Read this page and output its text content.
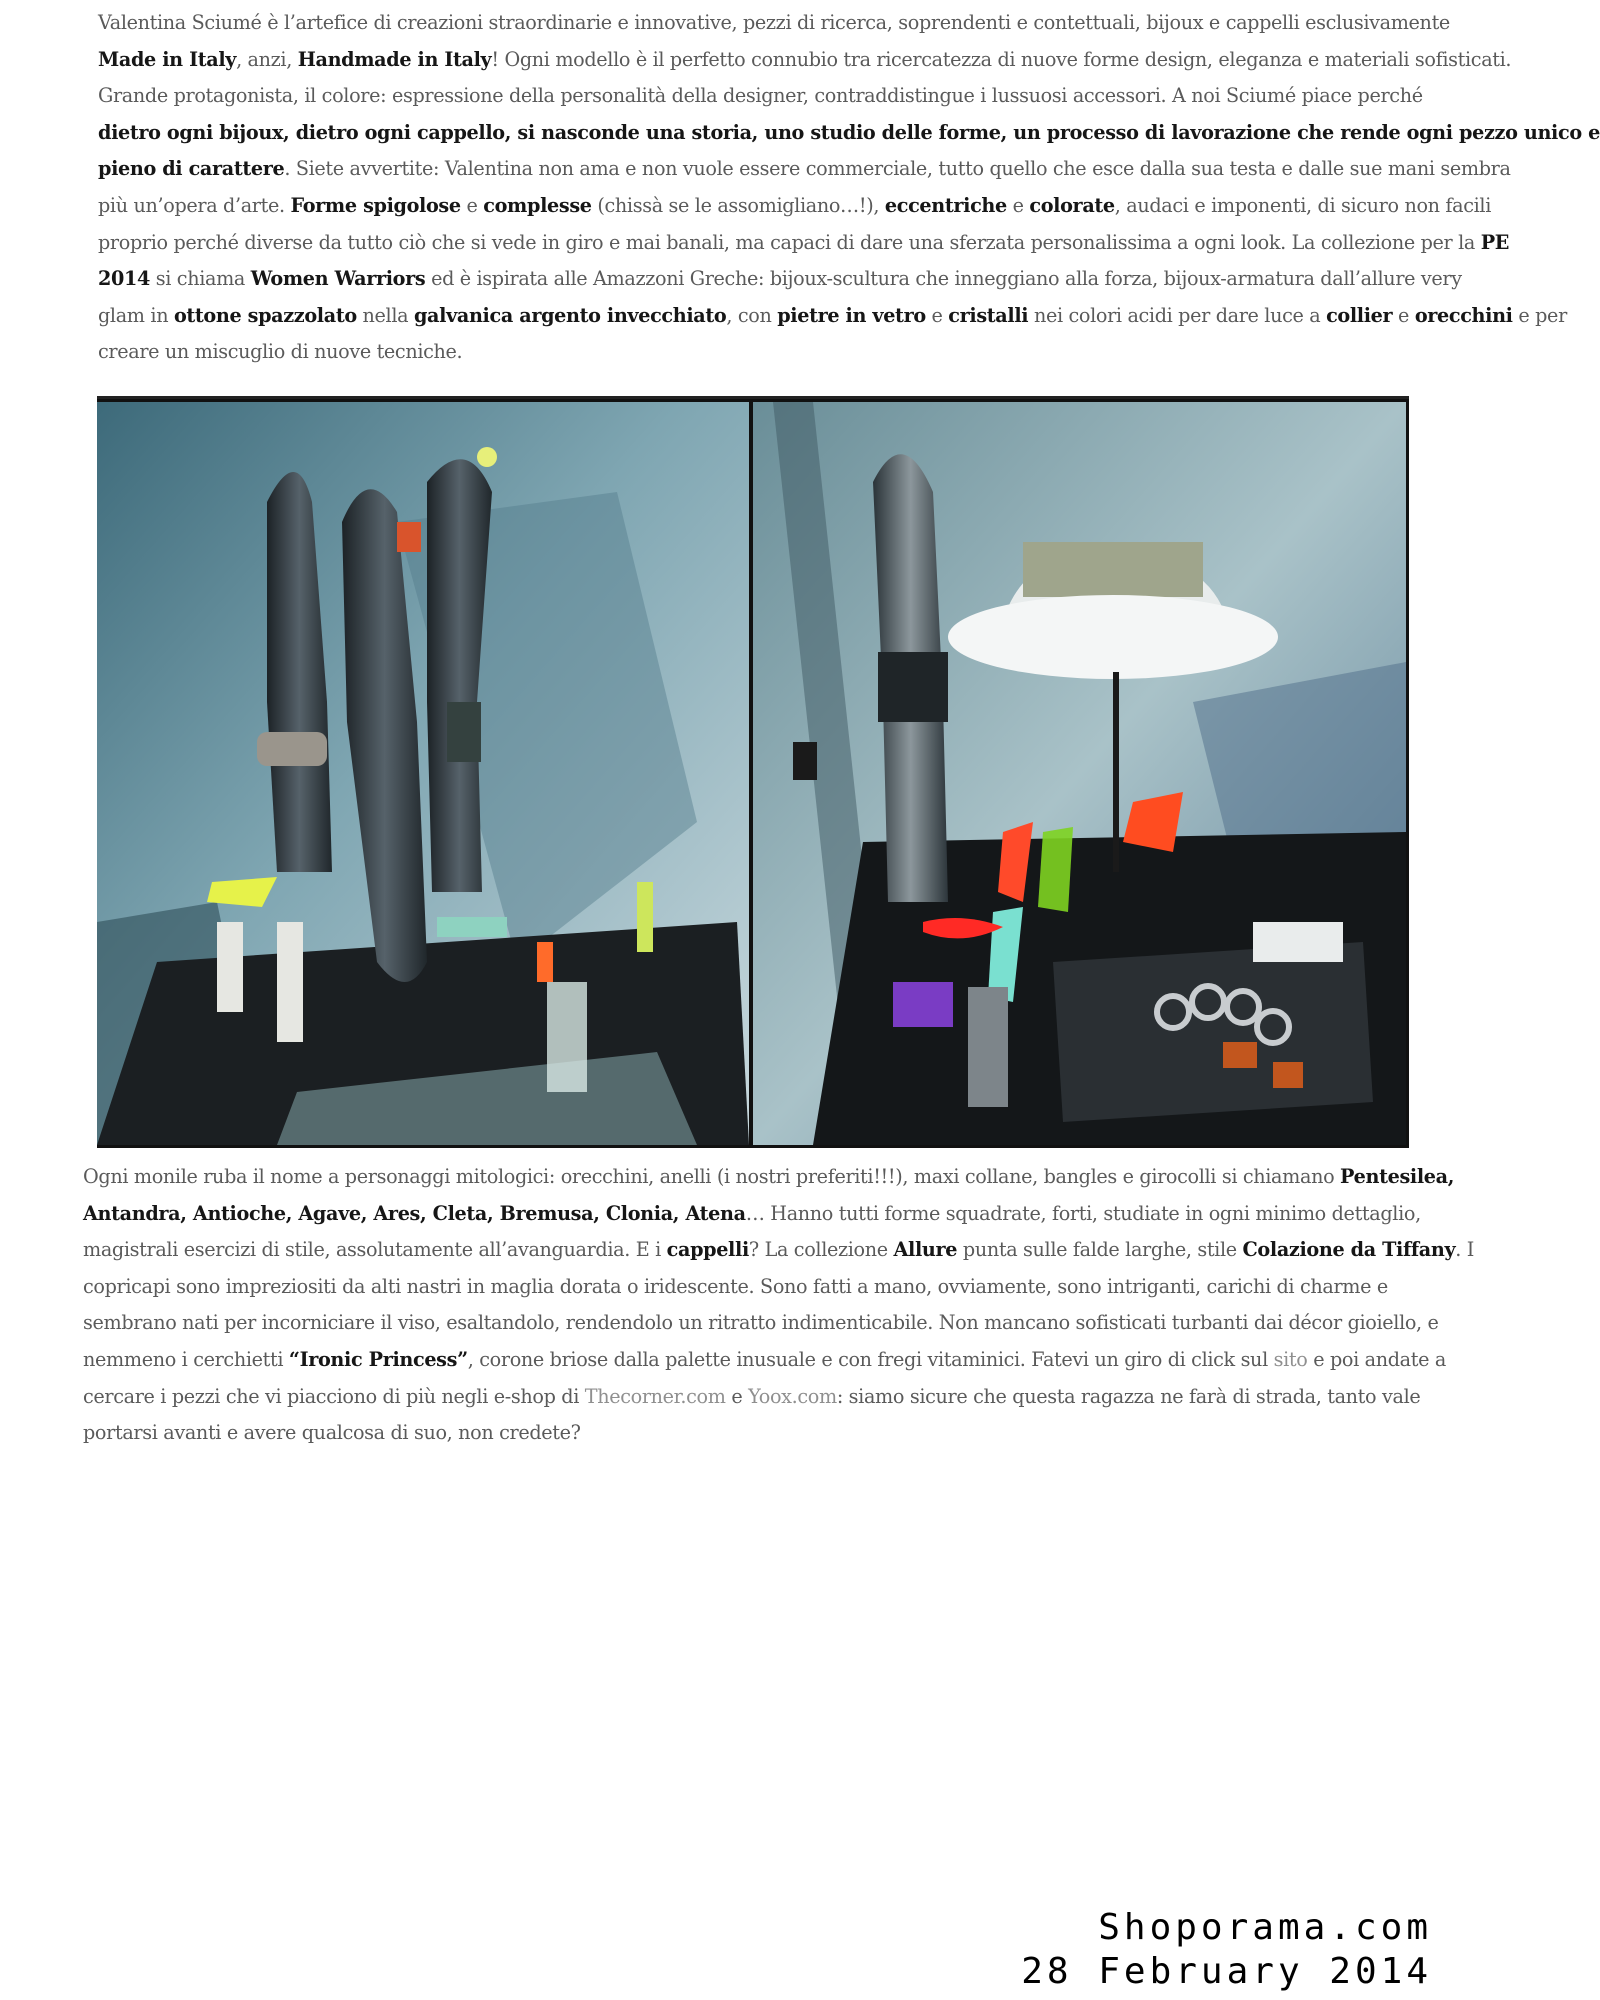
Valentina Sciumé è l’artefice di creazioni straordinarie e innovative, pezzi di ricerca, soprendenti e contettuali, bijoux e cappelli esclusivamente
Made in Italy, anzi, Handmade in Italy! Ogni modello è il perfetto connubio tra ricercatezza di nuove forme design, eleganza e materiali sofisticati.
Grande protagonista, il colore: espressione della personalità della designer, contraddistingue i lussuosi accessori. A noi Sciumé piace perché
dietro ogni bijoux, dietro ogni cappello, si nasconde una storia, uno studio delle forme, un processo di lavorazione che rende ogni pezzo unico e
pieno di carattere. Siete avvertite: Valentina non ama e non vuole essere commerciale, tutto quello che esce dalla sua testa e dalle sue mani sembra
più un’opera d’arte. Forme spigolose e complesse (chissà se le assomigliano…!), eccentriche e colorate, audaci e imponenti, di sicuro non facili
proprio perché diverse da tutto ciò che si vede in giro e mai banali, ma capaci di dare una sferzata personalissima a ogni look. La collezione per la PE
2014 si chiama Women Warriors ed è ispirata alle Amazzoni Greche: bijoux-scultura che inneggiano alla forza, bijoux-armatura dall’allure very
glam in ottone spazzolato nella galvanica argento invecchiato, con pietre in vetro e cristalli nei colori acidi per dare luce a collier e orecchini e per
creare un miscuglio di nuove tecniche.

Ogni monile ruba il nome a personaggi mitologici: orecchini, anelli (i nostri preferiti!!!), maxi collane, bangles e girocolli si chiamano Pentesilea,
Antandra, Antioche, Agave, Ares, Cleta, Bremusa, Clonia, Atena… Hanno tutti forme squadrate, forti, studiate in ogni minimo dettaglio,
magistrali esercizi di stile, assolutamente all’avanguardia. E i cappelli? La collezione Allure punta sulle falde larghe, stile Colazione da Tiffany. I
copricapi sono impreziositi da alti nastri in maglia dorata o iridescente. Sono fatti a mano, ovviamente, sono intriganti, carichi di charme e
sembrano nati per incorniciare il viso, esaltandolo, rendendolo un ritratto indimenticabile. Non mancano sofisticati turbanti dai décor gioiello, e
nemmeno i cerchietti “Ironic Princess”, corone briose dalla palette inusuale e con fregi vitaminici. Fatevi un giro di click sul sito e poi andate a
cercare i pezzi che vi piacciono di più negli e-shop di Thecorner.com e Yoox.com: siamo sicure che questa ragazza ne farà di strada, tanto vale
portarsi avanti e avere qualcosa di suo, non credete?

Shoporama.com
28 February 2014
